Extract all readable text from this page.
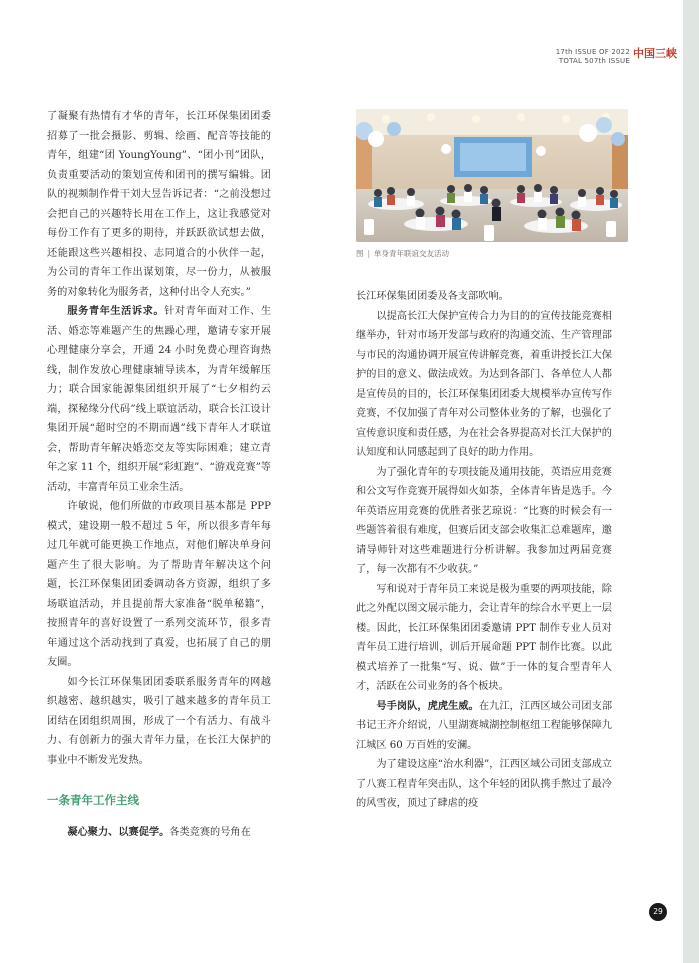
17th ISSUE OF 2022
TOTAL 507th ISSUE
中国三峡

了凝聚有热情有才华的青年，长江环保集团团委招募了一批会摄影、剪辑、绘画、配音等技能的青年，组建“团 YoungYoung”、“团小刊”团队，负责重要活动的策划宣传和团刊的撰写编辑。团队的视频制作骨干刘大昱告诉记者：“之前没想过会把自己的兴趣特长用在工作上，这让我感觉对每份工作有了更多的期待，并跃跃欲试想去做，还能跟这些兴趣相投、志同道合的小伙伴一起，为公司的青年工作出谋划策，尽一份力，从被服务的对象转化为服务者，这种付出令人充实。”

服务青年生活诉求。针对青年面对工作、生活、婚恋等难题产生的焦躁心理，邀请专家开展心理健康分享会，开通 24 小时免费心理咨询热线，制作发放心理健康辅导读本，为青年缓解压力；联合国家能源集团组织开展了“七夕相约云端，探秘缘分代码”线上联谊活动，联合长江设计集团开展“超时空的不期而遇”线下青年人才联谊会，帮助青年解决婚恋交友等实际困难；建立青年之家 11 个，组织开展“彩虹跑”、“游戏竞赛”等活动，丰富青年员工业余生活。

许敏说，他们所做的市政项目基本都是 PPP 模式，建设期一般不超过 5 年，所以很多青年每过几年就可能更换工作地点，对他们解决单身问题产生了很大影响。为了帮助青年解决这个问题，长江环保集团团委调动各方资源，组织了多场联谊活动，并且提前帮大家准备“脱单秘籍”，按照青年的喜好设置了一系列交流环节，很多青年通过这个活动找到了真爱，也拓展了自己的朋友圈。

如今长江环保集团团委联系服务青年的网越织越密、越织越实，吸引了越来越多的青年员工团结在团组织周围，形成了一个有活力、有战斗力、有创新力的强大青年力量，在长江大保护的事业中不断发光发热。

一条青年工作主线

凝心聚力、以赛促学。各类竞赛的号角在

图 | 单身青年联谊交友活动

长江环保集团团委及各支部吹响。

以提高长江大保护宣传合力为目的的宣传技能竞赛相继举办，针对市场开发部与政府的沟通交流、生产管理部与市民的沟通协调开展宣传讲解竞赛，着重讲授长江大保护的目的意义、做法成效。为达到各部门、各单位人人都是宣传员的目的，长江环保集团团委大规模举办宣传写作竞赛，不仅加强了青年对公司整体业务的了解，也强化了宣传意识度和责任感，为在社会各界提高对长江大保护的认知度和认同感起到了良好的助力作用。

为了强化青年的专项技能及通用技能，英语应用竞赛和公文写作竞赛开展得如火如荼，全体青年皆是选手。今年英语应用竞赛的优胜者张艺琼说：“比赛的时候会有一些题答着很有难度，但赛后团支部会收集汇总难题库，邀请导师针对这些难题进行分析讲解。我参加过两届竞赛了，每一次都有不少收获。”

写和说对于青年员工来说是极为重要的两项技能，除此之外配以图文展示能力，会让青年的综合水平更上一层楼。因此，长江环保集团团委邀请 PPT 制作专业人员对青年员工进行培训，训后开展命题 PPT 制作比赛。以此模式培养了一批集“写、说、做”于一体的复合型青年人才，活跃在公司业务的各个板块。

号手岗队，虎虎生威。在九江，江西区域公司团支部书记王齐介绍说，八里湖赛城湖控制枢纽工程能够保障九江城区 60 万百姓的安澜。

为了建设这座“治水利器”，江西区域公司团支部成立了八赛工程青年突击队，这个年轻的团队携手熬过了最冷的风雪夜，顶过了肆虐的疫

29
